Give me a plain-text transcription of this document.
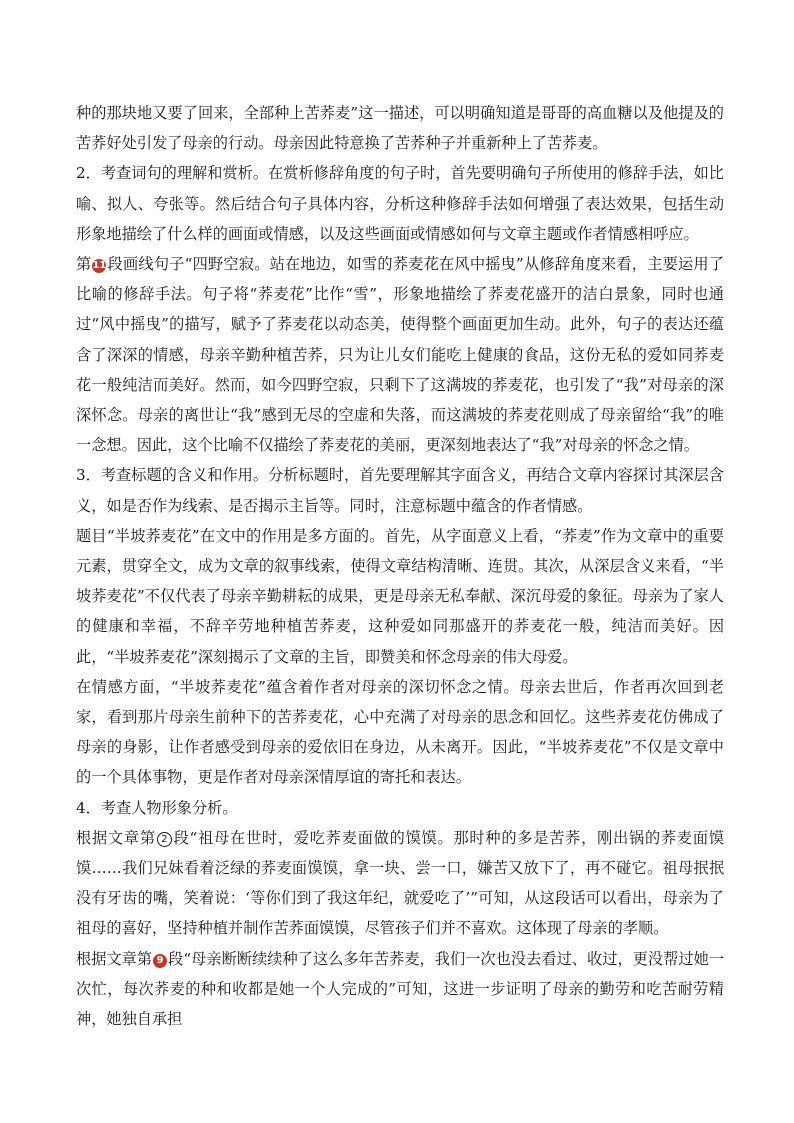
种的那块地又要了回来，全部种上苦荞麦”这一描述，可以明确知道是哥哥的高血糖以及他提及的苦荞好处引发了母亲的行动。母亲因此特意换了苦荞种子并重新种上了苦荞麦。

2．考查词句的理解和赏析。在赏析修辞角度的句子时，首先要明确句子所使用的修辞手法，如比喻、拟人、夸张等。然后结合句子具体内容，分析这种修辞手法如何增强了表达效果，包括生动形象地描绘了什么样的画面或情感，以及这些画面或情感如何与文章主题或作者情感相呼应。

第11段画线句子“四野空寂。站在地边，如雪的荞麦花在风中摇曳”从修辞角度来看，主要运用了比喻的修辞手法。句子将“荞麦花”比作“雪”，形象地描绘了荞麦花盛开的洁白景象，同时也通过“风中摇曳”的描写，赋予了荞麦花以动态美，使得整个画面更加生动。此外，句子的表达还蕴含了深深的情感，母亲辛勤种植苦荞，只为让儿女们能吃上健康的食品，这份无私的爱如同荞麦花一般纯洁而美好。然而，如今四野空寂，只剩下了这满坡的荞麦花，也引发了“我”对母亲的深深怀念。母亲的离世让“我”感到无尽的空虚和失落，而这满坡的荞麦花则成了母亲留给“我”的唯一念想。因此，这个比喻不仅描绘了荞麦花的美丽，更深刻地表达了“我”对母亲的怀念之情。

3．考查标题的含义和作用。分析标题时，首先要理解其字面含义，再结合文章内容探讨其深层含义，如是否作为线索、是否揭示主旨等。同时，注意标题中蕴含的作者情感。

题目“半坡荞麦花”在文中的作用是多方面的。首先，从字面意义上看，“荞麦”作为文章中的重要元素，贯穿全文，成为文章的叙事线索，使得文章结构清晰、连贯。其次，从深层含义来看，“半坡荞麦花”不仅代表了母亲辛勤耕耘的成果，更是母亲无私奉献、深沉母爱的象征。母亲为了家人的健康和幸福，不辞辛劳地种植苦荞麦，这种爱如同那盛开的荞麦花一般，纯洁而美好。因此，“半坡荞麦花”深刻揭示了文章的主旨，即赞美和怀念母亲的伟大母爱。

在情感方面，“半坡荞麦花”蕴含着作者对母亲的深切怀念之情。母亲去世后，作者再次回到老家，看到那片母亲生前种下的苦荞麦花，心中充满了对母亲的思念和回忆。这些荞麦花仿佛成了母亲的身影，让作者感受到母亲的爱依旧在身边，从未离开。因此，“半坡荞麦花”不仅是文章中的一个具体事物，更是作者对母亲深情厚谊的寄托和表达。

4．考查人物形象分析。

根据文章第 2 段“祖母在世时，爱吃荞麦面做的馍馍。那时种的多是苦荞，刚出锅的荞麦面馍馍……我们兄妹看着泛绿的荞麦面馍馍，拿一块、尝一口，嫌苦又放下了，再不碰它。祖母抿抿没有牙齿的嘴，笑着说：‘等你们到了我这年纪，就爱吃了’”可知，从这段话可以看出，母亲为了祖母的喜好，坚持种植并制作苦荞面馍馍，尽管孩子们并不喜欢。这体现了母亲的孝顺。

根据文章第 9 段“母亲断断续续种了这么多年苦荞麦，我们一次也没去看过、收过，更没帮过她一次忙，每次荞麦的种和收都是她一个人完成的”可知，这进一步证明了母亲的勤劳和吃苦耐劳精神，她独自承担
